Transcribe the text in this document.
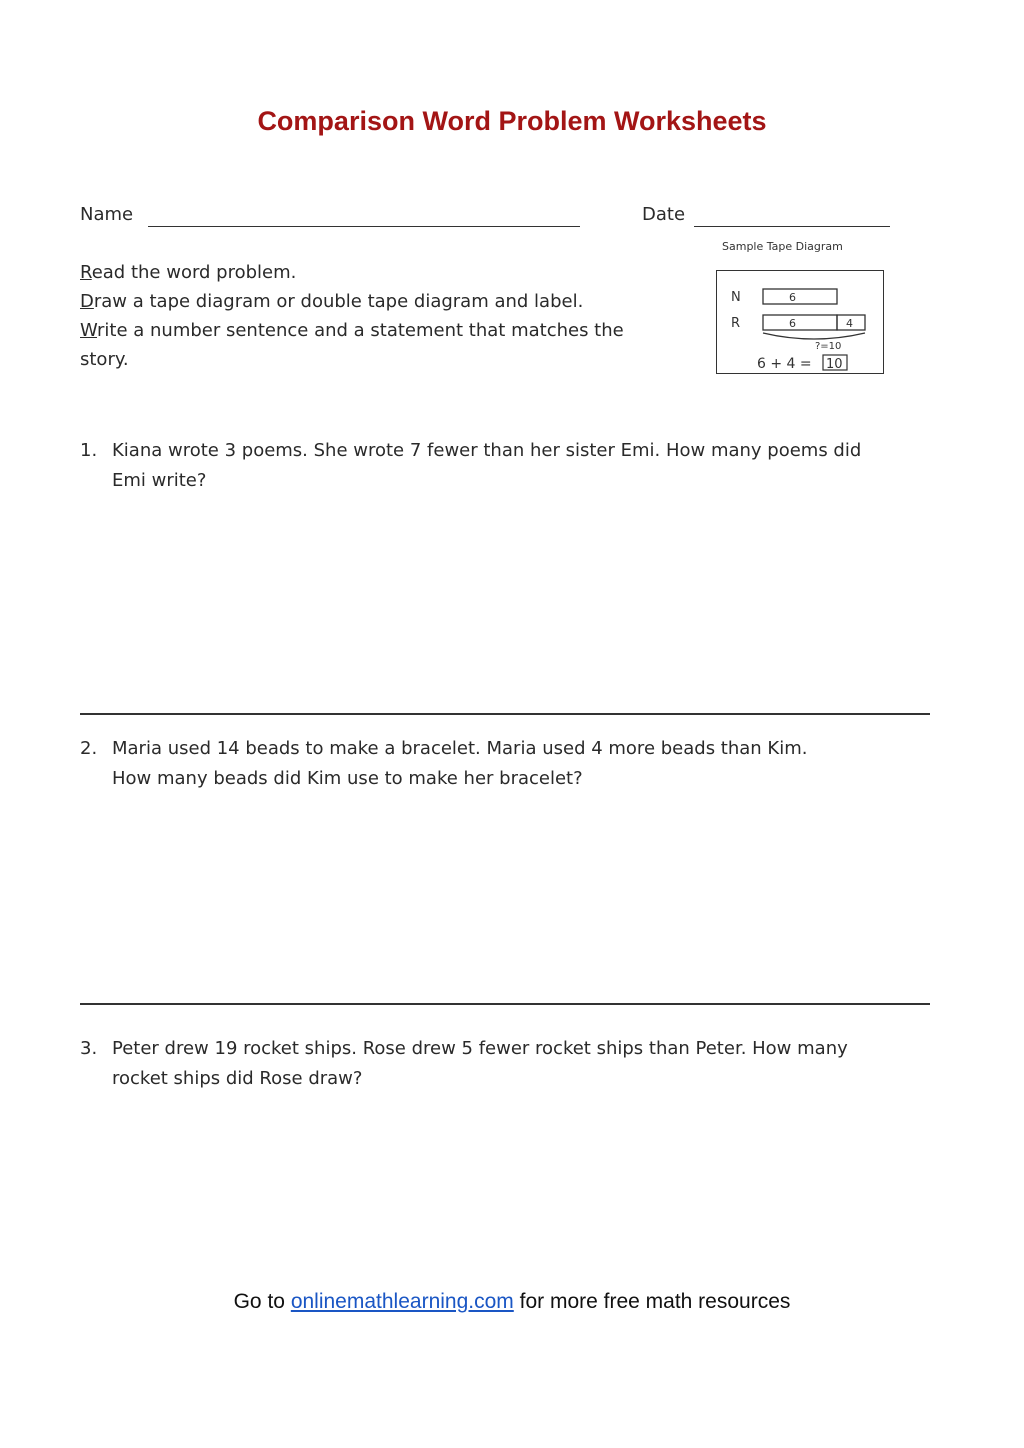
Comparison Word Problem Worksheets
Name	Date
Read the word problem.
Draw a tape diagram or double tape diagram and label.
Write a number sentence and a statement that matches the
story.
Sample Tape Diagram
N	6
R	6	4
?=10
6 + 4 = 10
1. Kiana wrote 3 poems. She wrote 7 fewer than her sister Emi. How many poems did
Emi write?
2. Maria used 14 beads to make a bracelet. Maria used 4 more beads than Kim.
How many beads did Kim use to make her bracelet?
3. Peter drew 19 rocket ships. Rose drew 5 fewer rocket ships than Peter. How many
rocket ships did Rose draw?
Go to onlinemathlearning.com for more free math resources
